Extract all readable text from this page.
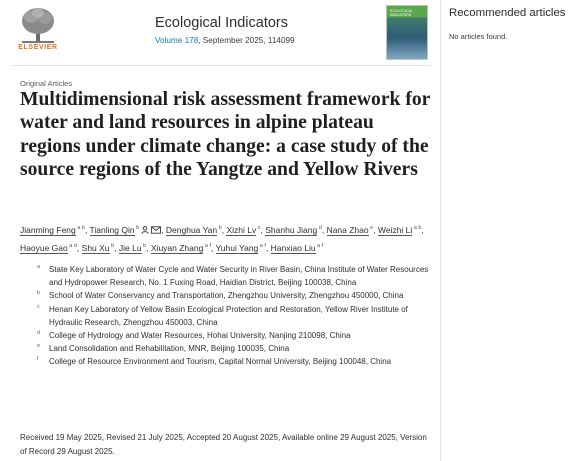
ELSEVIER
Ecological Indicators
Volume 178, September 2025, 114099
ECOLOGICAL INDICATORS
Original Articles
Multidimensional risk assessment framework for water and land resources in alpine plateau regions under climate change: a case study of the source regions of the Yangtze and Yellow Rivers
Jianming Feng $^{a b}$, Tianling Qin $^b$	, Denghua Yan $^b$, Xizhi Lv $^c$, Shanhu Jiang $^d$, Nana Zhao $^e$, Weizhi Li $^{a b}$, Haoyue Gao $^{a d}$, Shu Xu $^b$, Jie Lu $^b$, Xiuyan Zhang $^{a f}$, Yuhui Yang $^{a f}$, Hanxiao Liu $^{a f}$
a State Key Laboratory of Water Cycle and Water Security in River Basin, China Institute of Water Resources and Hydropower Research, No. 1 Fuxing Road, Haidian District, Beijing 100038, China
b School of Water Conservancy and Transportation, Zhengzhou University, Zhengzhou 450000, China
c Henan Key Laboratory of Yellow Basin Ecological Protection and Restoration, Yellow River Institute of Hydraulic Research, Zhengzhou 450003, China
d College of Hydrology and Water Resources, Hohai University, Nanjing 210098, China
e Land Consolidation and Rehabilitation, MNR, Beijing 100035, China
f College of Resource Environment and Tourism, Capital Normal University, Beijing 100048, China
Received 19 May 2025, Revised 21 July 2025, Accepted 20 August 2025, Available online 29 August 2025, Version of Record 29 August 2025.
Recommended articles
No articles found.
